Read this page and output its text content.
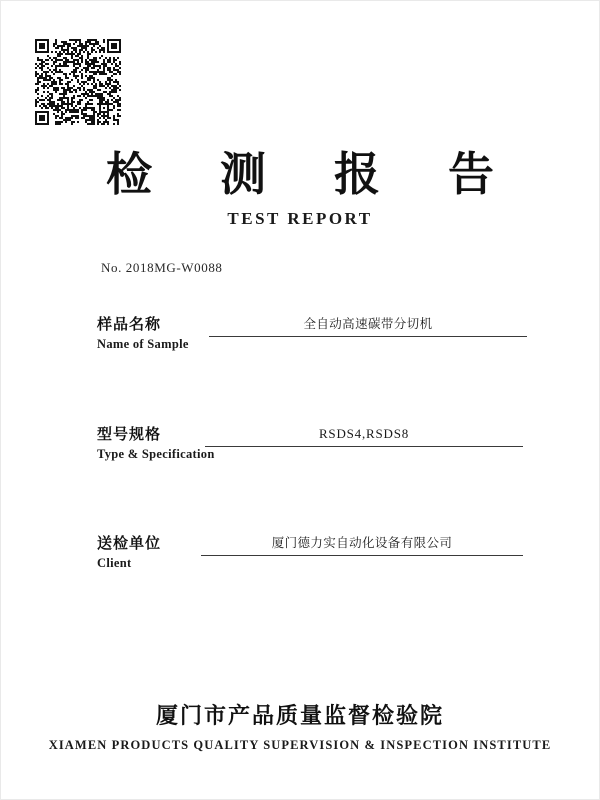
检 测 报 告
TEST REPORT
No. 2018MG-W0088
样品名称
Name of Sample
全自动高速碳带分切机
型号规格
Type & Specification
RSDS4,RSDS8
送检单位
Client
厦门德力实自动化设备有限公司
厦门市产品质量监督检验院
XIAMEN PRODUCTS QUALITY SUPERVISION & INSPECTION INSTITUTE
